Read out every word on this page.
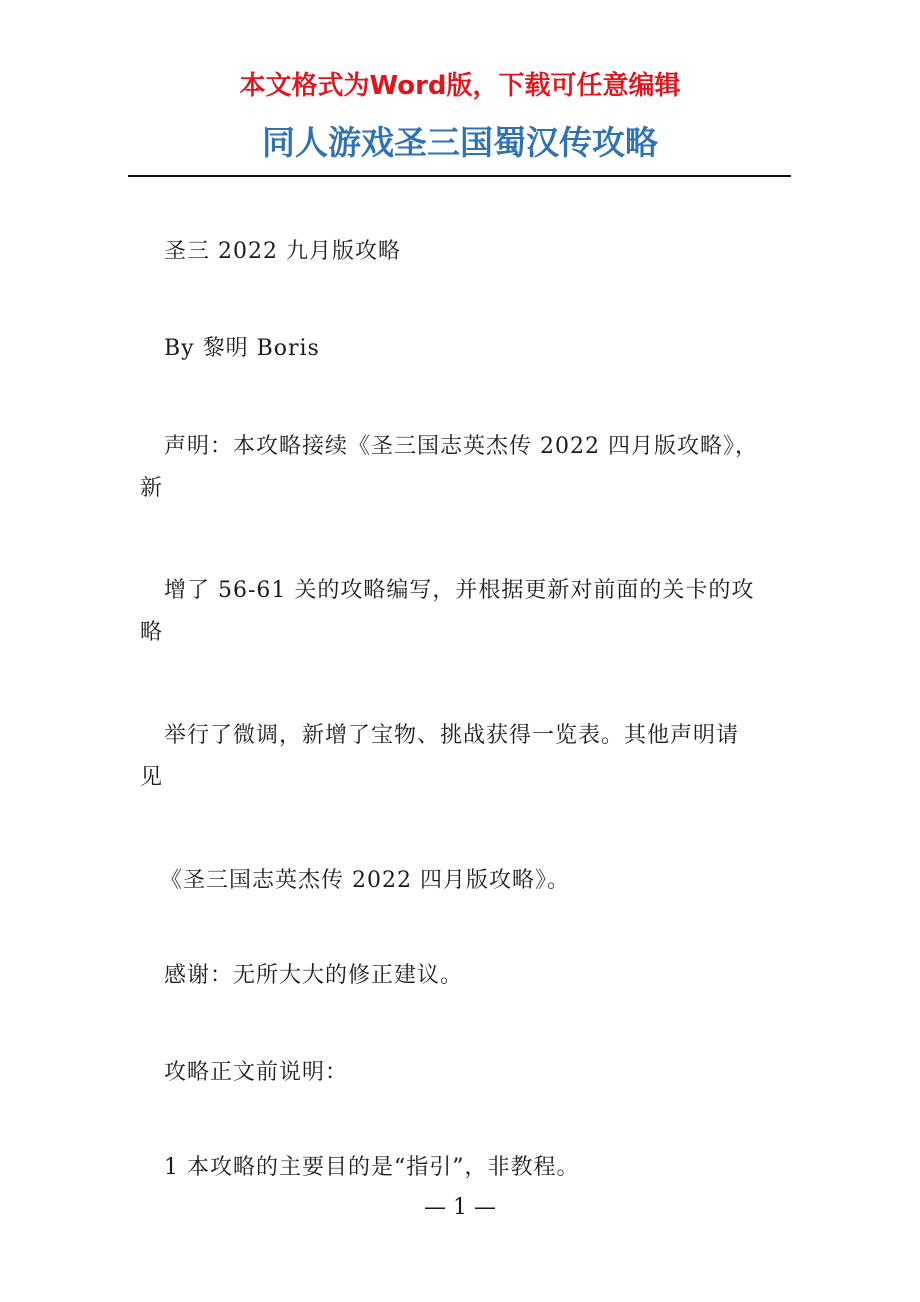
本文格式为Word版，下载可任意编辑
同人游戏圣三国蜀汉传攻略
圣三 2022 九月版攻略
By 黎明 Boris
声明：本攻略接续《圣三国志英杰传 2022 四月版攻略》，
新
增了 56-61 关的攻略编写，并根据更新对前面的关卡的攻
略
举行了微调，新增了宝物、挑战获得一览表。其他声明请
见
《圣三国志英杰传 2022 四月版攻略》。
感谢：无所大大的修正建议。
攻略正文前说明：
1 本攻略的主要目的是“指引”，非教程。
— 1 —
